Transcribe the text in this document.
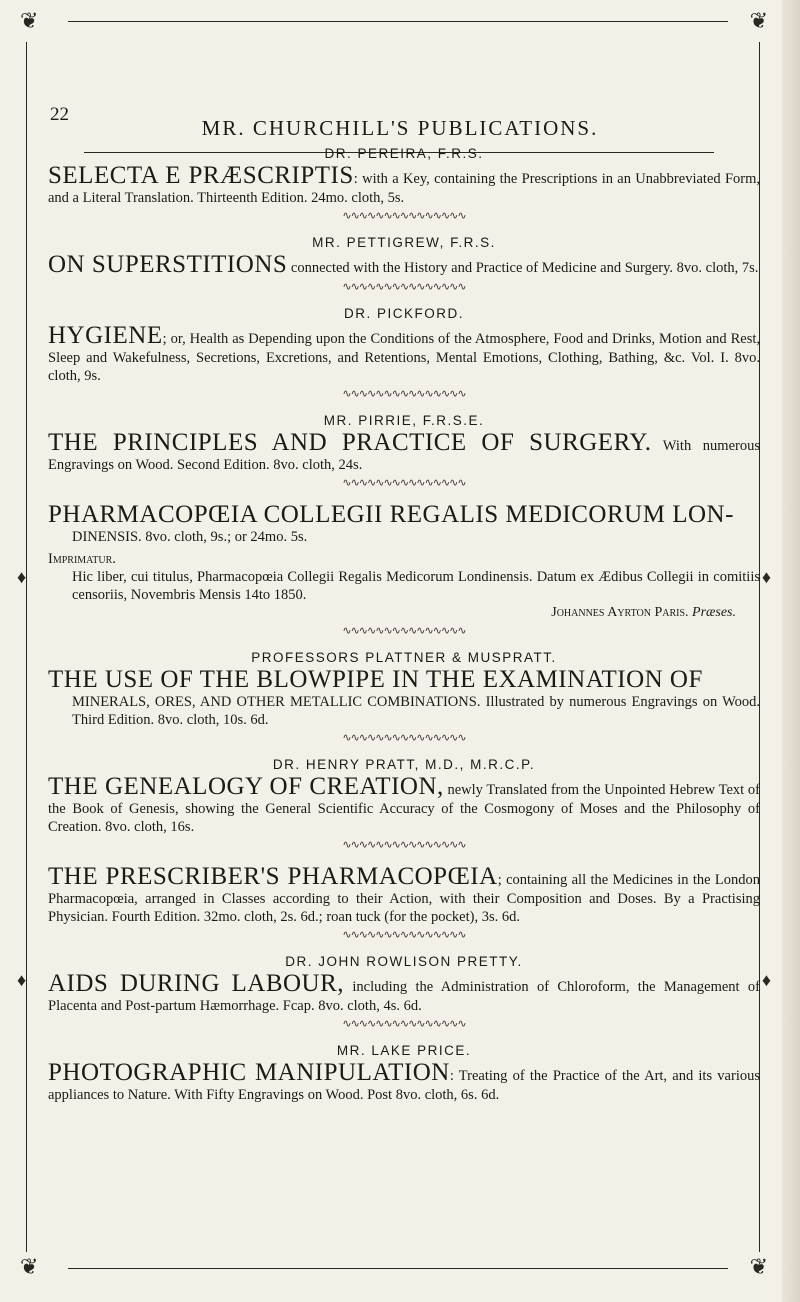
❦	❦
❦	❦
♦	♦
♦	♦
22
MR. CHURCHILL'S PUBLICATIONS.
DR. PEREIRA, F.R.S.

SELECTA E PRÆSCRIPTIS: with a Key, containing the Prescriptions in an Unabbreviated Form, and a Literal Translation. Thirteenth Edition. 24mo. cloth, 5s.

∿∿∿∿∿∿∿∿∿∿∿∿∿∿∿
MR. PETTIGREW, F.R.S.

ON SUPERSTITIONS connected with the History and Practice of Medicine and Surgery. 8vo. cloth, 7s.

∿∿∿∿∿∿∿∿∿∿∿∿∿∿∿
DR. PICKFORD.

HYGIENE; or, Health as Depending upon the Conditions of the Atmosphere, Food and Drinks, Motion and Rest, Sleep and Wakefulness, Secretions, Excretions, and Retentions, Mental Emotions, Clothing, Bathing, &c. Vol. I. 8vo. cloth, 9s.

∿∿∿∿∿∿∿∿∿∿∿∿∿∿∿
MR. PIRRIE, F.R.S.E.

THE PRINCIPLES AND PRACTICE OF SURGERY. With numerous Engravings on Wood. Second Edition. 8vo. cloth, 24s.

∿∿∿∿∿∿∿∿∿∿∿∿∿∿∿

PHARMACOPŒIA COLLEGII REGALIS MEDICORUM LON-

DINENSIS. 8vo. cloth, 9s.; or 24mo. 5s.

Imprimatur.

Hic liber, cui titulus, Pharmacopœia Collegii Regalis Medicorum Londinensis. Datum ex Ædibus Collegii in comitiis censoriis, Novembris Mensis 14to 1850.

Johannes Ayrton Paris. Præses.
∿∿∿∿∿∿∿∿∿∿∿∿∿∿∿
PROFESSORS PLATTNER & MUSPRATT.

THE USE OF THE BLOWPIPE IN THE EXAMINATION OF

MINERALS, ORES, AND OTHER METALLIC COMBINATIONS. Illustrated by numerous Engravings on Wood. Third Edition. 8vo. cloth, 10s. 6d.

∿∿∿∿∿∿∿∿∿∿∿∿∿∿∿
DR. HENRY PRATT, M.D., M.R.C.P.

THE GENEALOGY OF CREATION, newly Translated from the Unpointed Hebrew Text of the Book of Genesis, showing the General Scientific Accuracy of the Cosmogony of Moses and the Philosophy of Creation. 8vo. cloth, 16s.

∿∿∿∿∿∿∿∿∿∿∿∿∿∿∿

THE PRESCRIBER'S PHARMACOPŒIA; containing all the Medicines in the London Pharmacopœia, arranged in Classes according to their Action, with their Composition and Doses. By a Practising Physician. Fourth Edition. 32mo. cloth, 2s. 6d.; roan tuck (for the pocket), 3s. 6d.

∿∿∿∿∿∿∿∿∿∿∿∿∿∿∿
DR. JOHN ROWLISON PRETTY.

AIDS DURING LABOUR, including the Administration of Chloroform, the Management of Placenta and Post-partum Hæmorrhage. Fcap. 8vo. cloth, 4s. 6d.

∿∿∿∿∿∿∿∿∿∿∿∿∿∿∿
MR. LAKE PRICE.

PHOTOGRAPHIC MANIPULATION: Treating of the Practice of the Art, and its various appliances to Nature. With Fifty Engravings on Wood. Post 8vo. cloth, 6s. 6d.
